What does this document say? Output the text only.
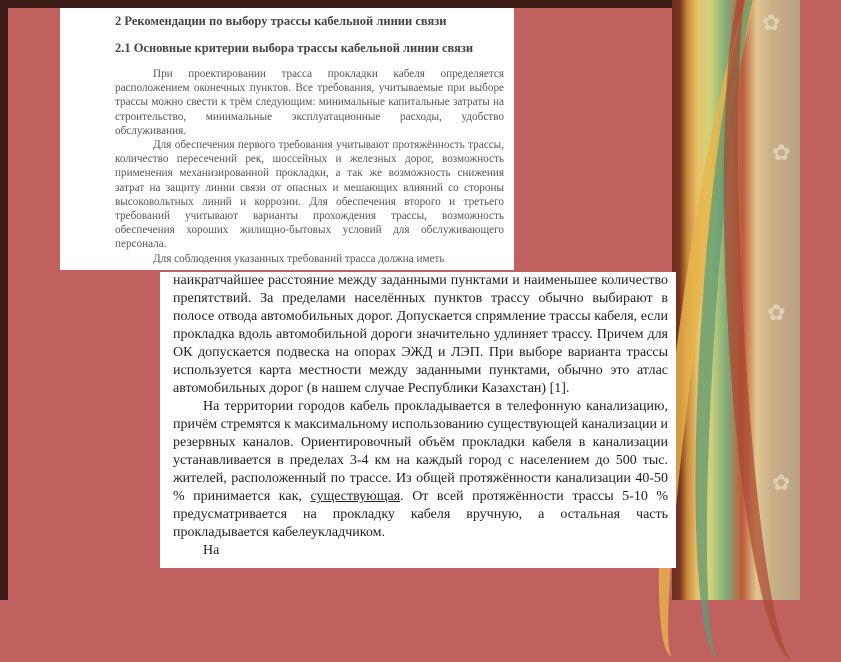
✿
✿
✿
✿
2 Рекомендации по выбору трассы кабельной линии связи
2.1 Основные критерии выбора трассы кабельной линии связи

При проектировании трасса прокладки кабеля определяется расположением оконечных пунктов. Все требования, учитываемые при выборе трассы можно свести к трём следующим: минимальные капитальные затраты на строительство, минимальные эксплуатационные расходы, удобство обслуживания.

Для обеспечения первого требования учитывают протяжённость трассы, количество пересечений рек, шоссейных и железных дорог, возможность применения механизированной прокладки, а так же возможность снижения затрат на защиту линии связи от опасных и мешающих влияний со стороны высоковольтных линий и коррозии. Для обеспечения второго и третьего требований учитывают варианты прохождения трассы, возможность обеспечения хороших жилищно-бытовых условий для обслуживающего персонала.

Для соблюдения указанных требований трасса должна иметь

наикратчайшее расстояние между заданными пунктами и наименьшее количество препятствий. За пределами населённых пунктов трассу обычно выбирают в полосе отвода автомобильных дорог. Допускается спрямление трассы кабеля, если прокладка вдоль автомобильной дороги значительно удлиняет трассу. Причем для ОК допускается подвеска на опорах ЭЖД и ЛЭП. При выборе варианта трассы используется карта местности между заданными пунктами, обычно это атлас автомобильных дорог (в нашем случае Республики Казахстан) [1].

На территории городов кабель прокладывается в телефонную канализацию, причём стремятся к максимальному использованию существующей канализации и резервных каналов. Ориентировочный объём прокладки кабеля в канализации устанавливается в пределах 3-4 км на каждый город с населением до 500 тыс. жителей, расположенный по трассе. Из общей протяжённости канализации 40-50 % принимается как, существующая. От всей протяжённости трассы 5-10 % предусматривается на прокладку кабеля вручную, а остальная часть прокладывается кабелеукладчиком.

На
